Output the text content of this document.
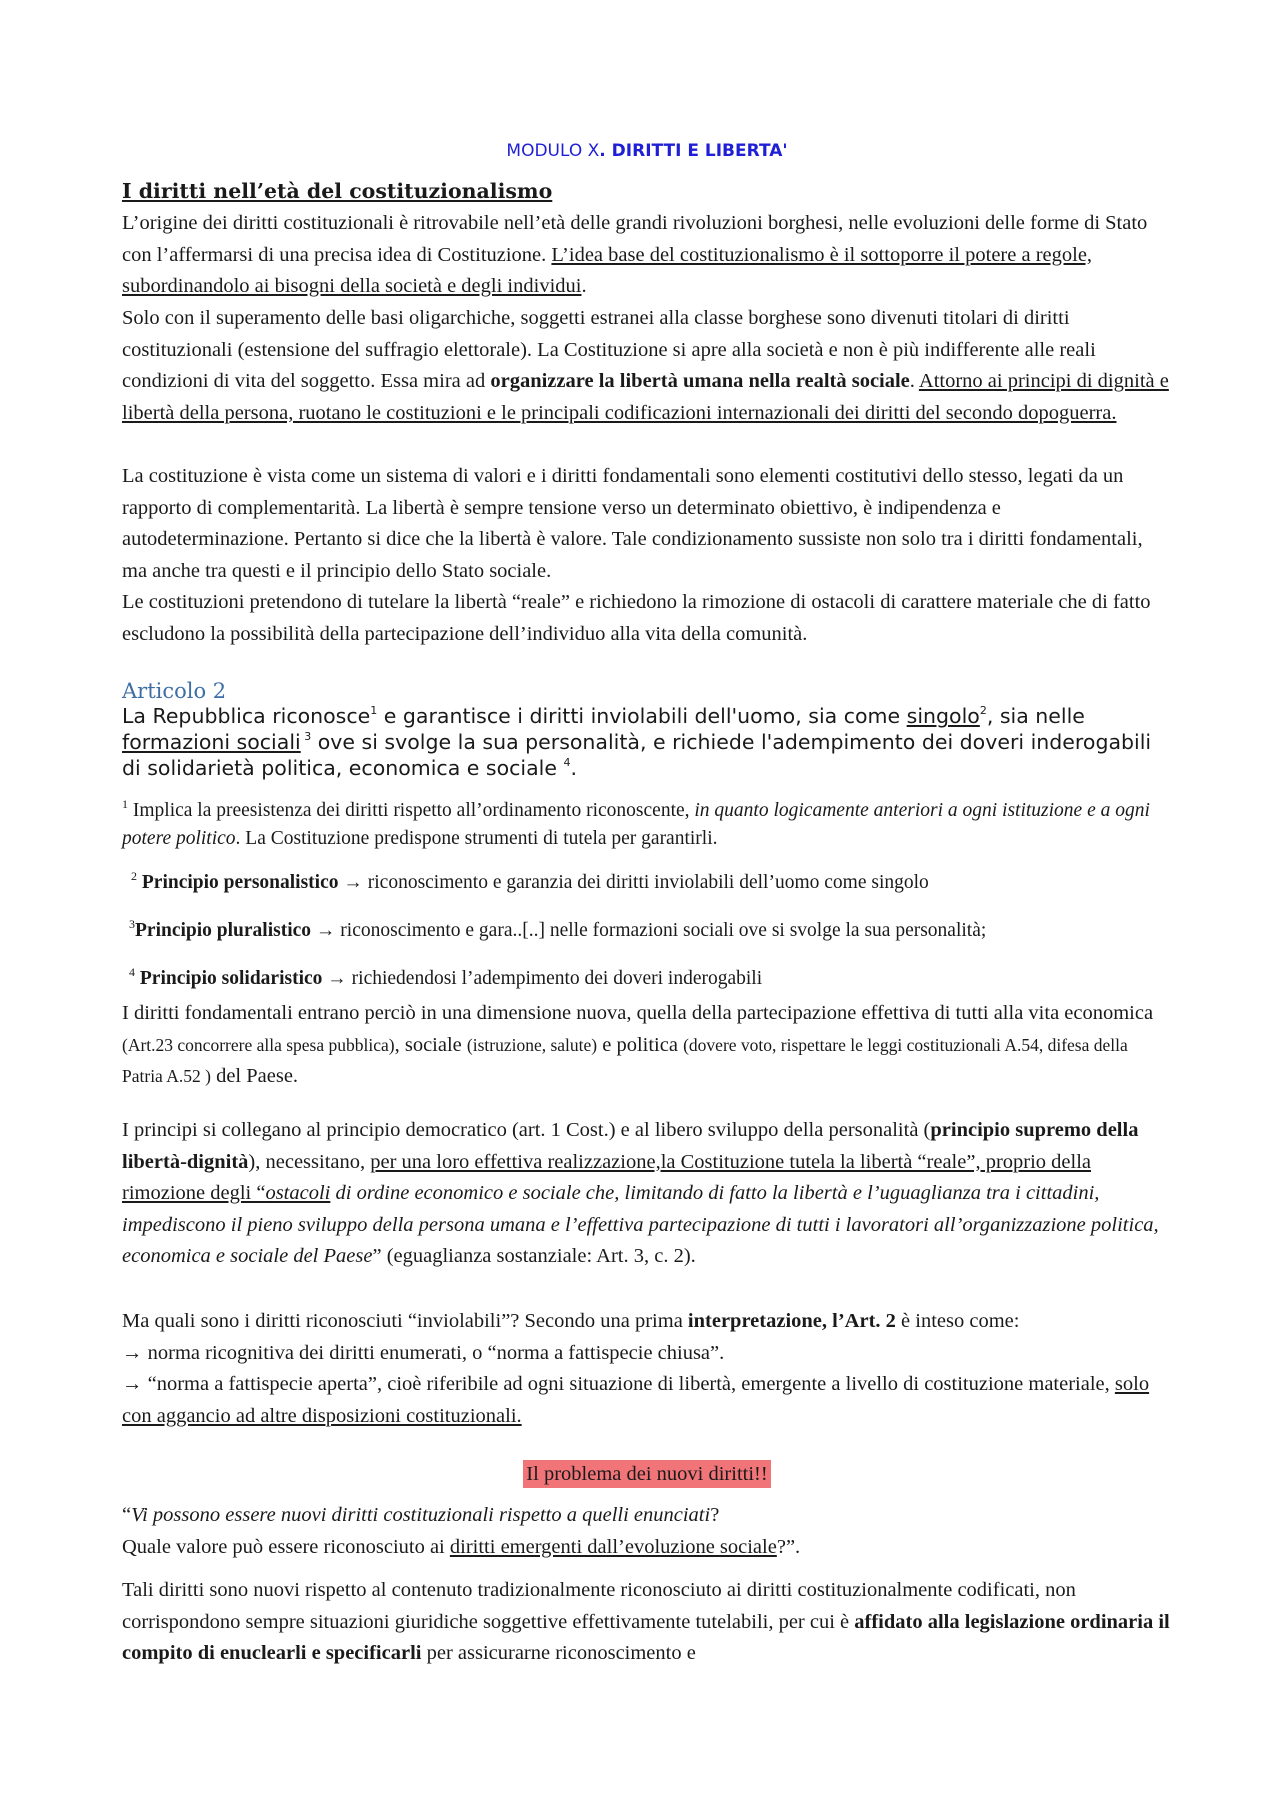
MODULO X. DIRITTI E LIBERTA'
I diritti nell’età del costituzionalismo

L’origine dei diritti costituzionali è ritrovabile nell’età delle grandi rivoluzioni borghesi, nelle evoluzioni delle forme di Stato con l’affermarsi di una precisa idea di Costituzione. L’idea base del costituzionalismo è il sottoporre il potere a regole, subordinandolo ai bisogni della società e degli individui.

Solo con il superamento delle basi oligarchiche, soggetti estranei alla classe borghese sono divenuti titolari di diritti costituzionali (estensione del suffragio elettorale). La Costituzione si apre alla società e non è più indifferente alle reali condizioni di vita del soggetto. Essa mira ad organizzare la libertà umana nella realtà sociale. Attorno ai principi di dignità e libertà della persona, ruotano le costituzioni e le principali codificazioni internazionali dei diritti del secondo dopoguerra.

La costituzione è vista come un sistema di valori e i diritti fondamentali sono elementi costitutivi dello stesso, legati da un rapporto di complementarità. La libertà è sempre tensione verso un determinato obiettivo, è indipendenza e autodeterminazione. Pertanto si dice che la libertà è valore. Tale condizionamento sussiste non solo tra i diritti fondamentali, ma anche tra questi e il principio dello Stato sociale.

Le costituzioni pretendono di tutelare la libertà “reale” e richiedono la rimozione di ostacoli di carattere materiale che di fatto escludono la possibilità della partecipazione dell’individuo alla vita della comunità.

Articolo 2
La Repubblica riconosce$^1$ e garantisce i diritti inviolabili dell'uomo, sia come singolo$^2$, sia nelle formazioni sociali $^3$ ove si svolge la sua personalità, e richiede l'adempimento dei doveri inderogabili di solidarietà politica, economica e sociale $^4$.
$^1$ Implica la preesistenza dei diritti rispetto all’ordinamento riconoscente, in quanto logicamente anteriori a ogni istituzione e a ogni potere politico. La Costituzione predispone strumenti di tutela per garantirli.
$^2$ Principio personalistico → riconoscimento e garanzia dei diritti inviolabili dell’uomo come singolo
$^3$Principio pluralistico → riconoscimento e gara..[..] nelle formazioni sociali ove si svolge la sua personalità;
$^4$ Principio solidaristico → richiedendosi l’adempimento dei doveri inderogabili

I diritti fondamentali entrano perciò in una dimensione nuova, quella della partecipazione effettiva di tutti alla vita economica (Art.23 concorrere alla spesa pubblica), sociale (istruzione, salute) e politica (dovere voto, rispettare le leggi costituzionali A.54, difesa della Patria A.52 ) del Paese.

I principi si collegano al principio democratico (art. 1 Cost.) e al libero sviluppo della personalità (principio supremo della libertà-dignità), necessitano, per una loro effettiva realizzazione,la Costituzione tutela la libertà “reale”, proprio della rimozione degli “ostacoli di ordine economico e sociale che, limitando di fatto la libertà e l’uguaglianza tra i cittadini, impediscono il pieno sviluppo della persona umana e l’effettiva partecipazione di tutti i lavoratori all’organizzazione politica, economica e sociale del Paese” (eguaglianza sostanziale: Art. 3, c. 2).

Ma quali sono i diritti riconosciuti “inviolabili”? Secondo una prima interpretazione, l’Art. 2 è inteso come:
→ norma ricognitiva dei diritti enumerati, o “norma a fattispecie chiusa”.
→ “norma a fattispecie aperta”, cioè riferibile ad ogni situazione di libertà, emergente a livello di costituzione materiale, solo con aggancio ad altre disposizioni costituzionali.

Il problema dei nuovi diritti!!

“Vi possono essere nuovi diritti costituzionali rispetto a quelli enunciati?
Quale valore può essere riconosciuto ai diritti emergenti dall’evoluzione sociale?”.

Tali diritti sono nuovi rispetto al contenuto tradizionalmente riconosciuto ai diritti costituzionalmente codificati, non corrispondono sempre situazioni giuridiche soggettive effettivamente tutelabili, per cui è affidato alla legislazione ordinaria il compito di enuclearli e specificarli per assicurarne riconoscimento e
